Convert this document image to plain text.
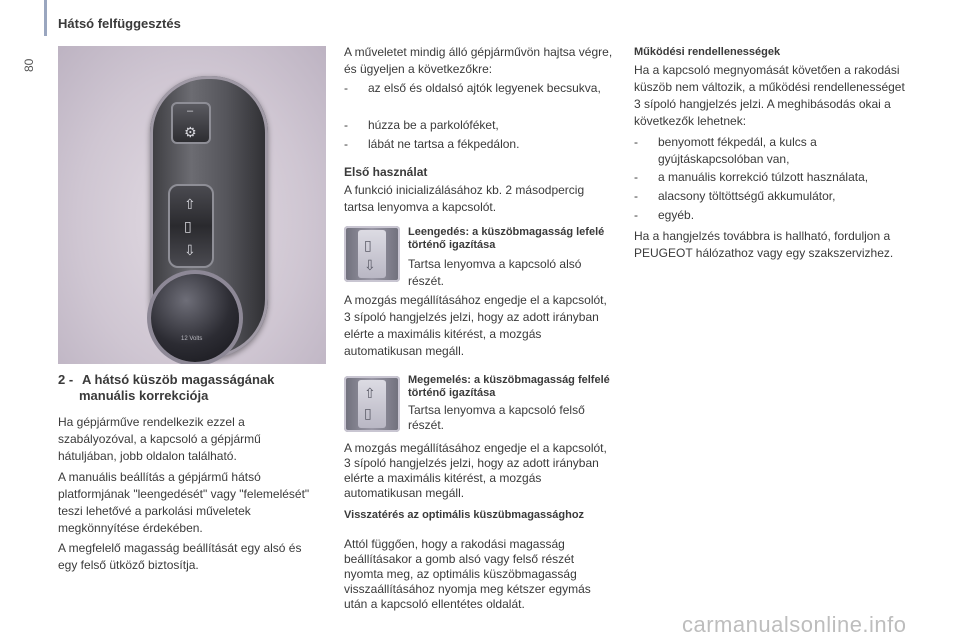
Hátsó felfüggesztés
80
–
⚙
⇧
▯
⇩
12 Volts
2 - A hátsó küszöb magasságának
manuális korrekciója
Ha gépjárműve rendelkezik ezzel a szabályozóval, a kapcsoló a gépjármű hátuljában, jobb oldalon található.
A manuális beállítás a gépjármű hátsó platformjának "leengedését" vagy "felemelését" teszi lehetővé a parkolási műveletek megkönnyítése érdekében.
A megfelelő magasság beállítását egy alsó és egy felső ütköző biztosítja.
A műveletet mindig álló gépjárművön hajtsa végre, és ügyeljen a következőkre:
-	az első és oldalsó ajtók legyenek becsukva,
-	húzza be a parkolóféket,
-	lábát ne tartsa a fékpedálon.
Első használat
A funkció inicializálásához kb. 2 másodpercig tartsa lenyomva a kapcsolót.
▯
⇩
Leengedés: a küszöbmagasság lefelé történő igazítása
Tartsa lenyomva a kapcsoló alsó részét.
A mozgás megállításához engedje el a kapcsolót, 3 sípoló hangjelzés jelzi, hogy az adott irányban elérte a maximális kitérést, a mozgás automatikusan megáll.
⇧
▯
Megemelés: a küszöbmagasság felfelé történő igazítása
Tartsa lenyomva a kapcsoló felső részét.
A mozgás megállításához engedje el a kapcsolót, 3 sípoló hangjelzés jelzi, hogy az adott irányban elérte a maximális kitérést, a mozgás automatikusan megáll.
Visszatérés az optimális küszübmagassághoz
Attól függően, hogy a rakodási magasság beállításakor a gomb alsó vagy felső részét nyomta meg, az optimális küszöbmagasság visszaállításához nyomja meg kétszer egymás után a kapcsoló ellentétes oldalát.
Működési rendellenességek
Ha a kapcsoló megnyomását követően a rakodási küszöb nem változik, a működési rendellenességet 3 sípoló hangjelzés jelzi. A meghibásodás okai a következők lehetnek:
-	benyomott fékpedál, a kulcs a gyújtáskapcsolóban van,
-	a manuális korrekció túlzott használata,
-	alacsony töltöttségű akkumulátor,
-	egyéb.
Ha a hangjelzés továbbra is hallható, forduljon a PEUGEOT hálózathoz vagy egy szakszervizhez.
carmanualsonline.info
